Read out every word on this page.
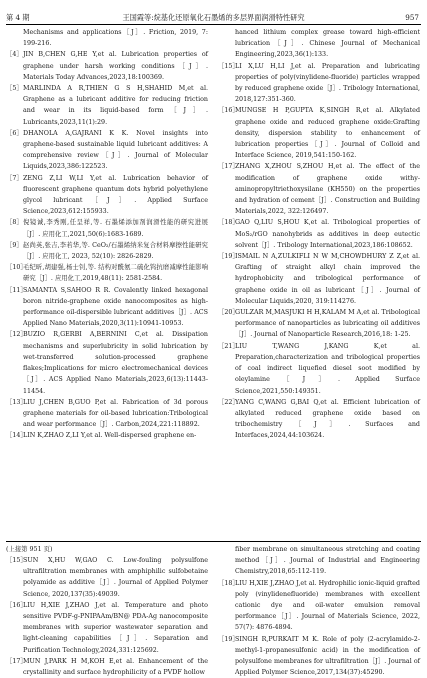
第 4 期	王国霞等:烷基化还原氧化石墨烯的多层界面润滑特性研究	957
Mechanisms and applications［J］. Friction, 2019, 7: 199-216.
［4］ JIN B,CHEN G,HE Y,et al. Lubrication properties of graphene under harsh working conditions［J］. Materials Today Advances,2023,18:100369.
［5］ MARLINDA A R,THIEN G S H,SHAHID M,et al. Graphene as a lubricant additive for reducing friction and wear in its liquid-based form［J］. Lubricants,2023,11(1):29.
［6］ DHANOLA A,GAJRANI K K. Novel insights into graphene-based sustainable liquid lubricant additives: A comprehensive review［J］. Journal of Molecular Liquids,2023,386:122523.
［7］ ZENG Z,LI W,LI Y,et al. Lubrication behavior of fluorescent graphene quantum dots hybrid polyethylene glycol lubricant［J］. Applied Surface Science,2023,612:155933.
［8］ 倪镜诚,李秀刚,任呈祥,等. 石墨烯添加剂润滑性能的研究进展［J］. 应用化工,2021,50(6):1683-1689.
［9］ 赵尚英,张吉,李若华,等. CeO₂/石墨烯纳米复合材料摩擦性能研究［J］. 应用化工, 2023, 52(10): 2826-2829.
［10］
毛纪昕,胡建强,杨士钊,等. 结构对酰氨二硫化钨抗磨减摩性能影响研究［J］. 应用化工,2019,48(11): 2581-2584.
［11］
SAMANTA S,SAHOO R R. Covalently linked hexagonal boron nitride-graphene oxide nanocomposites as high-performance oil-dispersible lubricant additives［J］. ACS Applied Nano Materials,2020,3(11):10941-10953.
［12］
BUZIO R,GERBI A,BERNINI C,et al. Dissipation mechanisms and superlubricity in solid lubrication by wet-transferred solution-processed graphene flakes;Implications for micro electromechanical devices［J］. ACS Applied Nano Materials,2023,6(13):11443-11454.
［13］
LIU J,CHEN B,GUO P,et al. Fabrication of 3d porous graphene materials for oil-based lubrication:Tribological and wear performance［J］. Carbon,2024,221:118892.
［14］
LIN K,ZHAO Z,LI Y,et al. Well-dispersed graphene en-
hanced lithium complex grease toward high-efficient lubrication［J］. Chinese Journal of Mechanical Engineering,2023,36(1):133.
［15］
LI X,LU H,LI J,et al. Preparation and lubricating properties of poly(vinylidene-fluoride) particles wrapped by reduced graphene oxide［J］. Tribology International, 2018,127:351-360.
［16］
MUNGSE H P,GUPTA K,SINGH R,et al. Alkylated graphene oxide and reduced graphene oxide:Grafting density, dispersion stability to enhancement of lubrication properties［J］. Journal of Colloid and Interface Science, 2019,541:150-162.
［17］
ZHANG X,ZHOU S,ZHOU H,et al. The effect of the modification of graphene oxide withy-aminopropyltriethoxysilane (KH550) on the properties and hydration of cement［J］. Construction and Building Materials,2022, 322:126497.
［18］
GAO Q,LIU S,HOU K,et al. Tribological properties of MoS₂/rGO nanohybrids as additives in deep eutectic solvent［J］. Tribology International,2023,186:108652.
［19］
ISMAIL N A,ZULKIFLI N W M,CHOWDHURY Z Z,et al. Grafting of straight alkyl chain improved the hydrophobicity and tribological performance of graphene oxide in oil as lubricant［J］. Journal of Molecular Liquids,2020, 319:114276.
［20］
GULZAR M,MASJUKI H H,KALAM M A,et al. Tribological performance of nanoparticles as lubricating oil additives［J］. Journal of Nanoparticle Research,2016,18: 1-25.
［21］
LIU T,WANG J,KANG K,et al. Preparation,characterization and tribological properties of coal indirect liquefied diesel soot modified by oleylamine［J］. Applied Surface Science,2021,550:149351.
［22］
YANG C,WANG G,BAI Q,et al. Efficient lubrication of alkylated reduced graphene oxide based on tribochemistry［J］. Surfaces and Interfaces,2024,44:103624.
(上接第 951 页)
［15］
SUN X,HU W,GAO C. Low-fouling polysulfone ultrafiltration membranes with amphiphilic sulfobetaine polyamide as additive［J］. Journal of Applied Polymer Science, 2020,137(35):49039.
［16］
LIU H,XIE J,ZHAO J,et al. Temperature and photo sensitive PVDF-g-PNIPAAm/BN@ PDA-Ag nanocomposite membranes with superior wastewater separation and light-cleaning capabilities［J］. Separation and Purification Technology,2024,331:125692.
［17］
MUN J,PARK H M,KOH E,et al. Enhancement of the crystallinity and surface hydrophilicity of a PVDF hollow
fiber membrane on simultaneous stretching and coating method［J］. Journal of Industrial and Engineering Chemistry,2018,65:112-119.
［18］
LIU H,XIE J,ZHAO J,et al. Hydrophilic ionic-liquid grafted poly (vinylidenefluoride) membranes with excellent cationic dye and oil-water emulsion removal performance［J］. Journal of Materials Science, 2022, 57(7): 4876-4894.
［19］
SINGH R,PURKAIT M K. Role of poly (2-acrylamido-2-methyl-1-propanesulfonic acid) in the modification of polysulfone membranes for ultrafiltration［J］. Journal of Applied Polymer Science,2017,134(37):45290.
